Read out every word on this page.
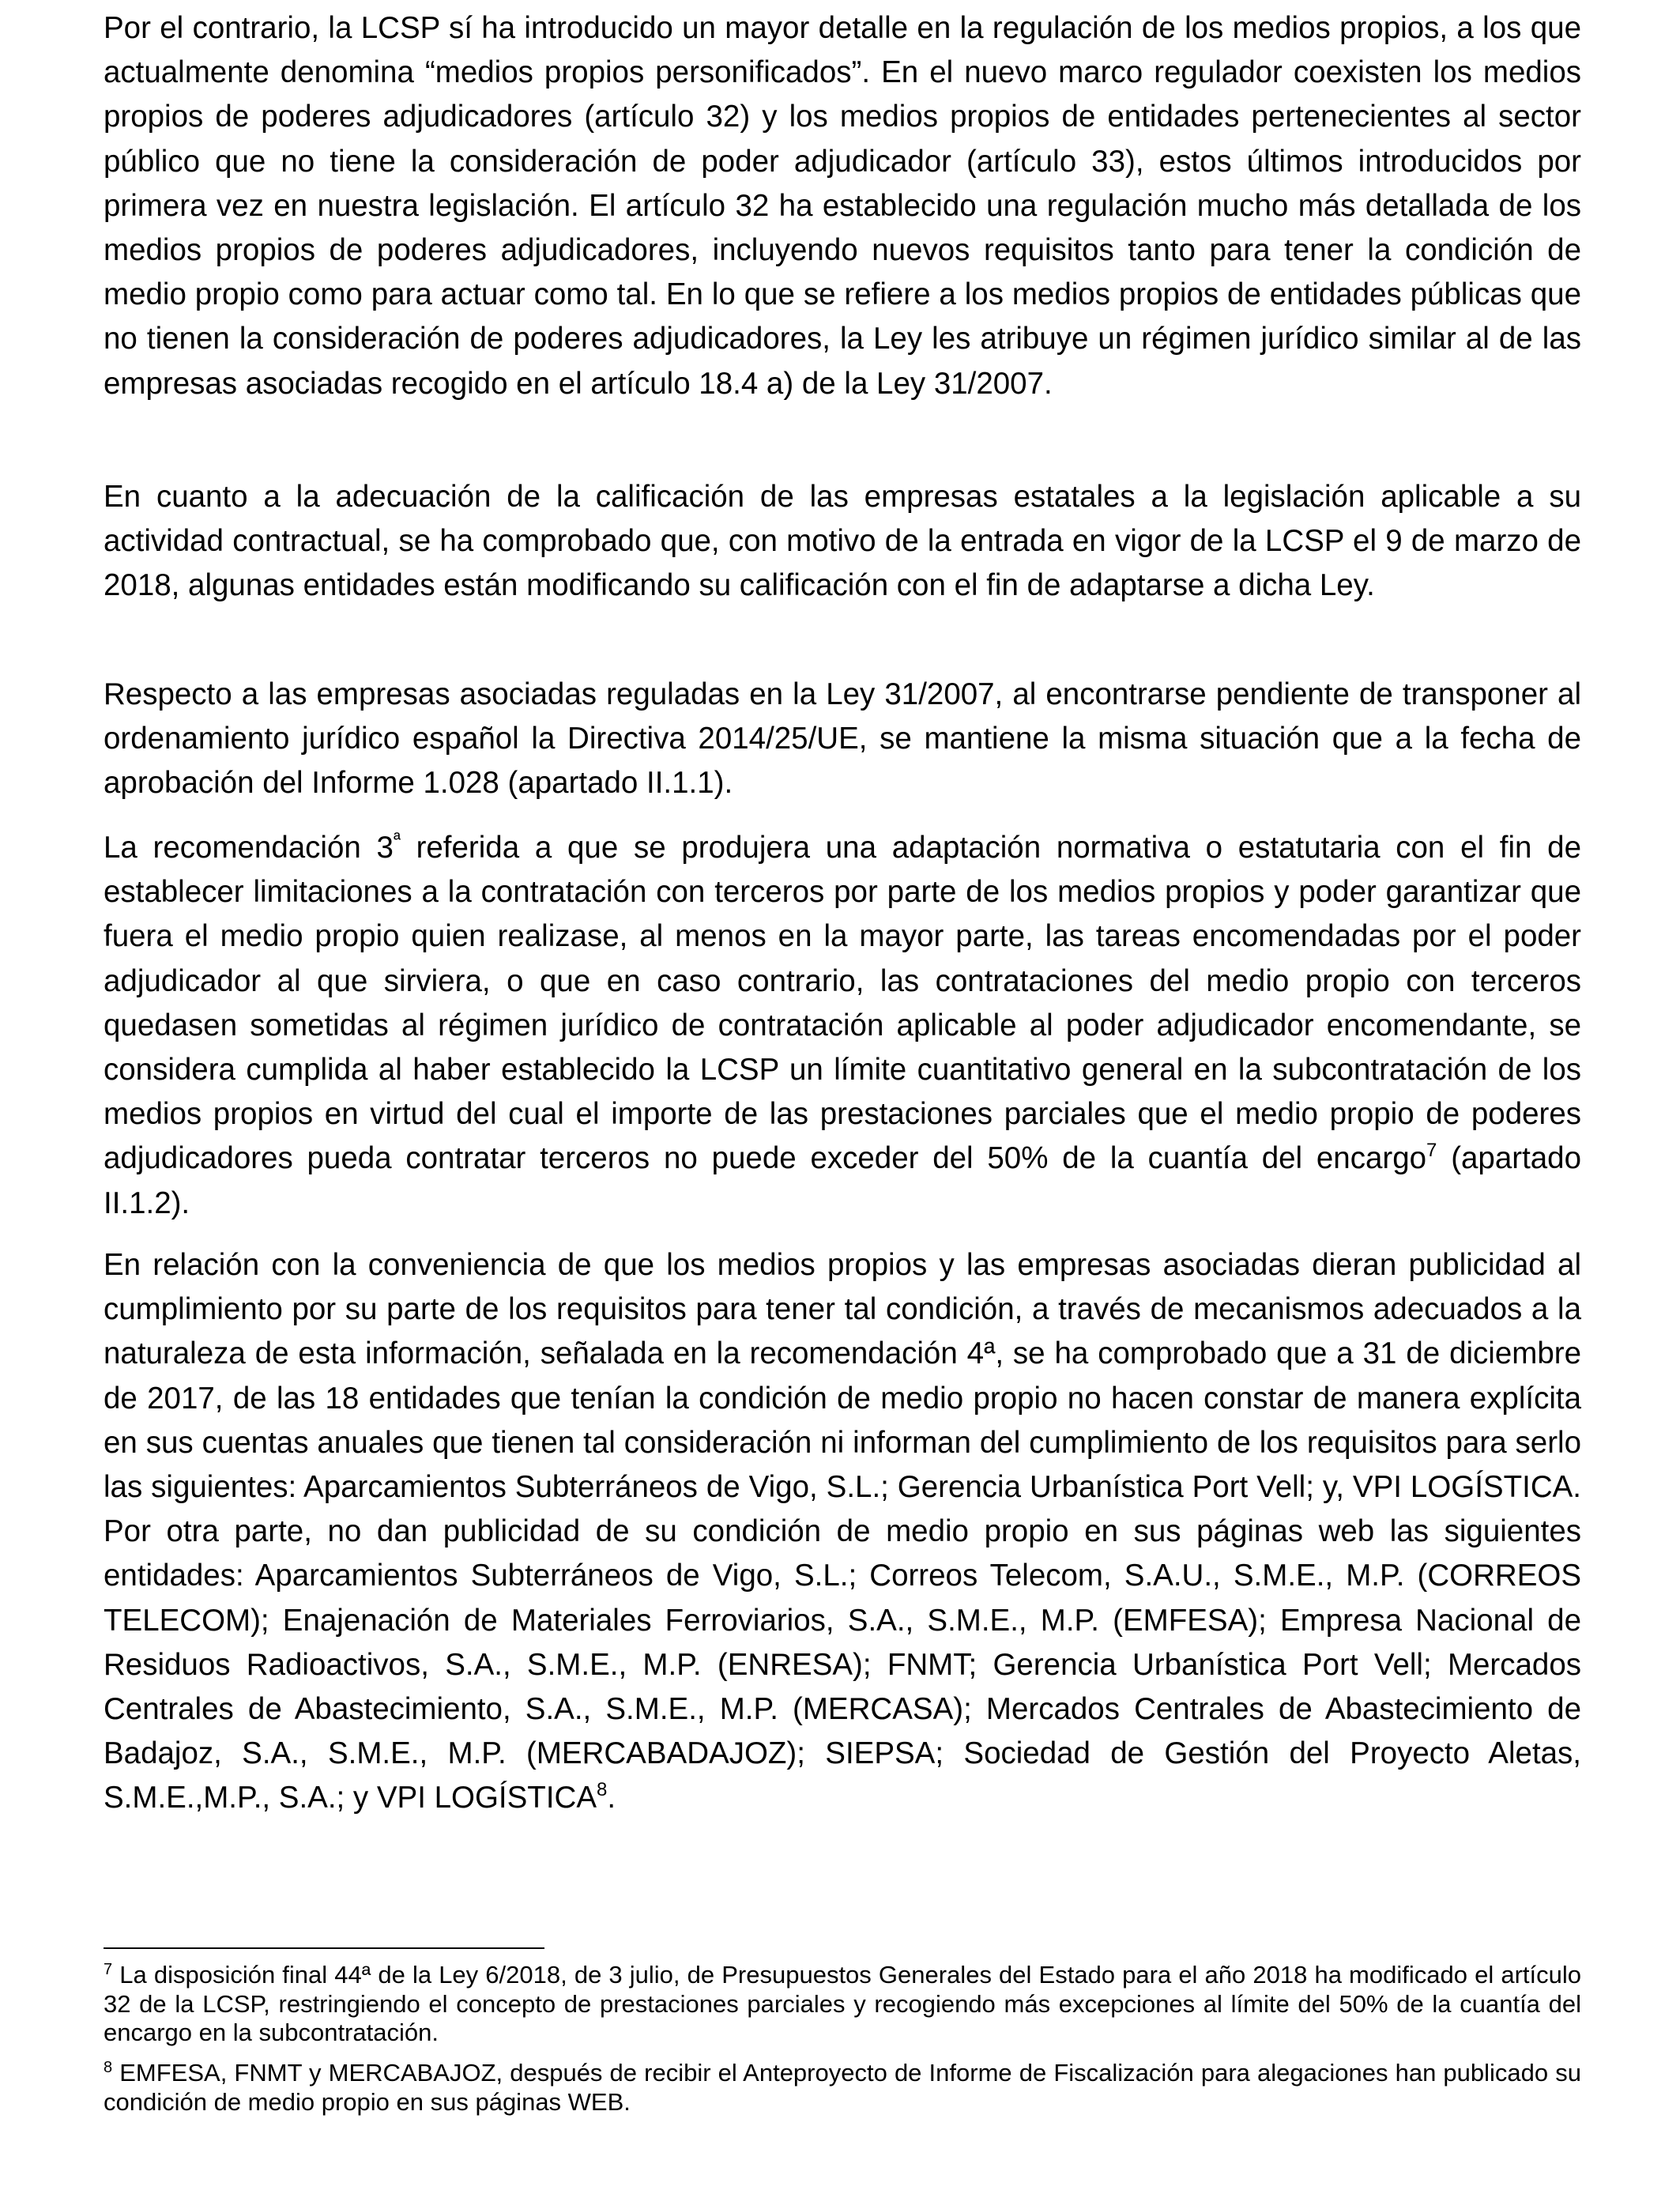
Por el contrario, la LCSP sí ha introducido un mayor detalle en la regulación de los medios propios, a los que actualmente denomina “medios propios personificados”. En el nuevo marco regulador coexisten los medios propios de poderes adjudicadores (artículo 32) y los medios propios de entidades pertenecientes al sector público que no tiene la consideración de poder adjudicador (artículo 33), estos últimos introducidos por primera vez en nuestra legislación. El artículo 32 ha establecido una regulación mucho más detallada de los medios propios de poderes adjudicadores, incluyendo nuevos requisitos tanto para tener la condición de medio propio como para actuar como tal. En lo que se refiere a los medios propios de entidades públicas que no tienen la consideración de poderes adjudicadores, la Ley les atribuye un régimen jurídico similar al de las empresas asociadas recogido en el artículo 18.4 a) de la Ley 31/2007.

En cuanto a la adecuación de la calificación de las empresas estatales a la legislación aplicable a su actividad contractual, se ha comprobado que, con motivo de la entrada en vigor de la LCSP el 9 de marzo de 2018, algunas entidades están modificando su calificación con el fin de adaptarse a dicha Ley.

Respecto a las empresas asociadas reguladas en la Ley 31/2007, al encontrarse pendiente de transponer al ordenamiento jurídico español la Directiva 2014/25/UE, se mantiene la misma situación que a la fecha de aprobación del Informe 1.028 (apartado II.1.1).

La recomendación $3^ª$ referida a que se produjera una adaptación normativa o estatutaria con el fin de establecer limitaciones a la contratación con terceros por parte de los medios propios y poder garantizar que fuera el medio propio quien realizase, al menos en la mayor parte, las tareas encomendadas por el poder adjudicador al que sirviera, o que en caso contrario, las contrataciones del medio propio con terceros quedasen sometidas al régimen jurídico de contratación aplicable al poder adjudicador encomendante, se considera cumplida al haber establecido la LCSP un límite cuantitativo general en la subcontratación de los medios propios en virtud del cual el importe de las prestaciones parciales que el medio propio de poderes adjudicadores pueda contratar terceros no puede exceder del 50% de la cuantía del encargo$^7$ (apartado II.1.2).

En relación con la conveniencia de que los medios propios y las empresas asociadas dieran publicidad al cumplimiento por su parte de los requisitos para tener tal condición, a través de mecanismos adecuados a la naturaleza de esta información, señalada en la recomendación 4ª, se ha comprobado que a 31 de diciembre de 2017, de las 18 entidades que tenían la condición de medio propio no hacen constar de manera explícita en sus cuentas anuales que tienen tal consideración ni informan del cumplimiento de los requisitos para serlo las siguientes: Aparcamientos Subterráneos de Vigo, S.L.; Gerencia Urbanística Port Vell; y, VPI LOGÍSTICA. Por otra parte, no dan publicidad de su condición de medio propio en sus páginas web las siguientes entidades: Aparcamientos Subterráneos de Vigo, S.L.; Correos Telecom, S.A.U., S.M.E., M.P. (CORREOS TELECOM); Enajenación de Materiales Ferroviarios, S.A., S.M.E., M.P. (EMFESA); Empresa Nacional de Residuos Radioactivos, S.A., S.M.E., M.P. (ENRESA); FNMT; Gerencia Urbanística Port Vell; Mercados Centrales de Abastecimiento, S.A., S.M.E., M.P. (MERCASA); Mercados Centrales de Abastecimiento de Badajoz, S.A., S.M.E., M.P. (MERCABADAJOZ); SIEPSA; Sociedad de Gestión del Proyecto Aletas, S.M.E.,M.P., S.A.; y VPI LOGÍSTICA$^8$.

$^7$ La disposición final 44ª de la Ley 6/2018, de 3 julio, de Presupuestos Generales del Estado para el año 2018 ha modificado el artículo 32 de la LCSP, restringiendo el concepto de prestaciones parciales y recogiendo más excepciones al límite del 50% de la cuantía del encargo en la subcontratación.

$^8$ EMFESA, FNMT y MERCABAJOZ, después de recibir el Anteproyecto de Informe de Fiscalización para alegaciones han publicado su condición de medio propio en sus páginas WEB.
